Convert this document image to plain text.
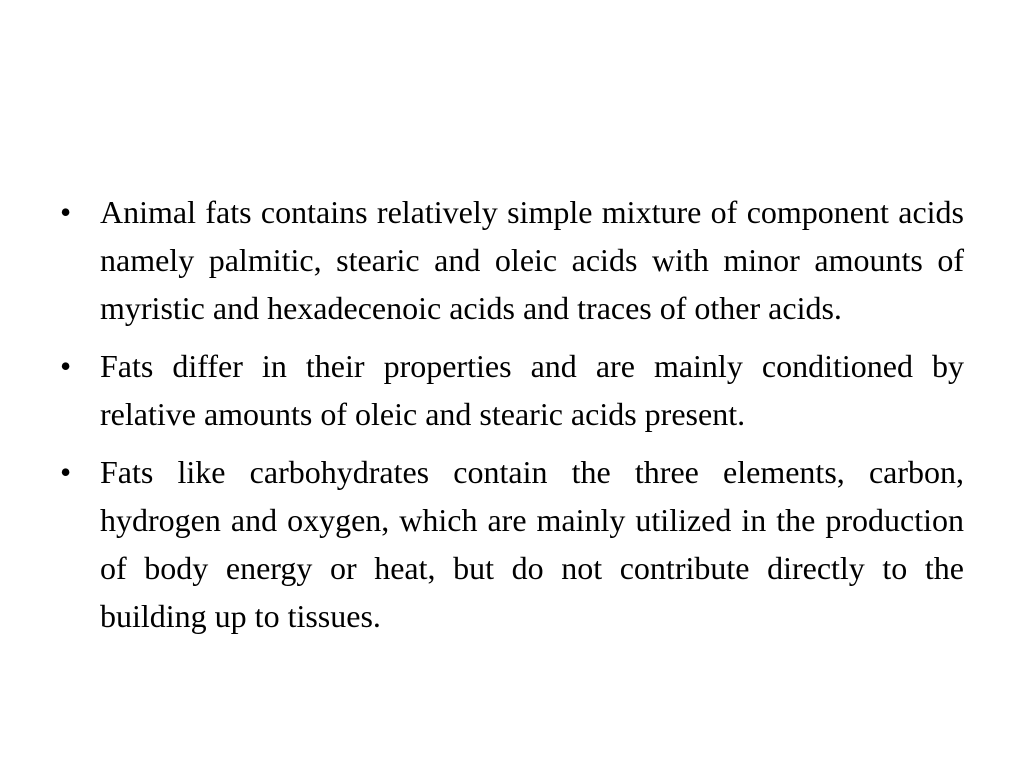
• Animal fats contains relatively simple mixture of component acids namely palmitic, stearic and oleic acids with minor amounts of myristic and hexadecenoic acids and traces of other acids.
• Fats differ in their properties and are mainly conditioned by relative amounts of oleic and stearic acids present.
• Fats like carbohydrates contain the three elements, carbon, hydrogen and oxygen, which are mainly utilized in the production of body energy or heat, but do not contribute directly to the building up to tissues.
